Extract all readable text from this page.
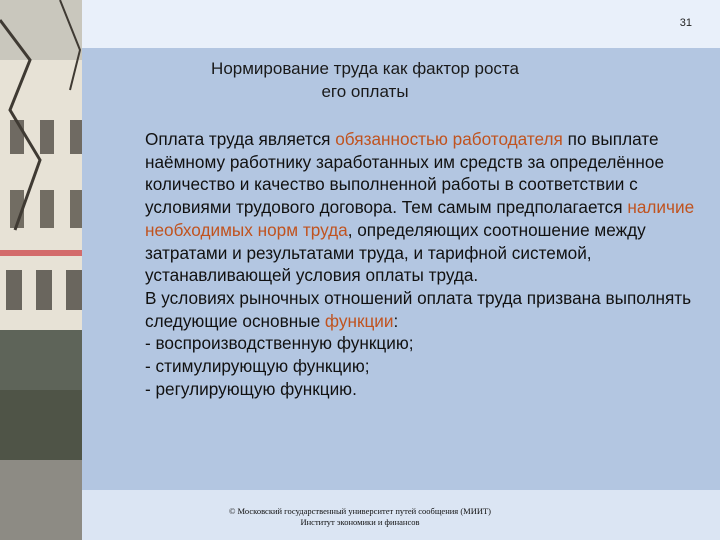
31
Нормирование труда как фактор роста
его оплаты

Оплата труда является обязанностью работодателя по выплате наёмному работнику заработанных им средств за определённое количество и качество выполненной работы в соответствии с условиями трудового договора. Тем самым предполагается наличие необходимых норм труда, определяющих соотношение между затратами и результатами труда, и тарифной системой, устанавливающей условия оплаты труда.

В условиях рыночных отношений оплата труда призвана выполнять следующие основные функции:

- воспроизводственную функцию;

- стимулирующую функцию;

- регулирующую функцию.

© Московский государственный университет путей сообщения (МИИТ)
Институт экономики и финансов
